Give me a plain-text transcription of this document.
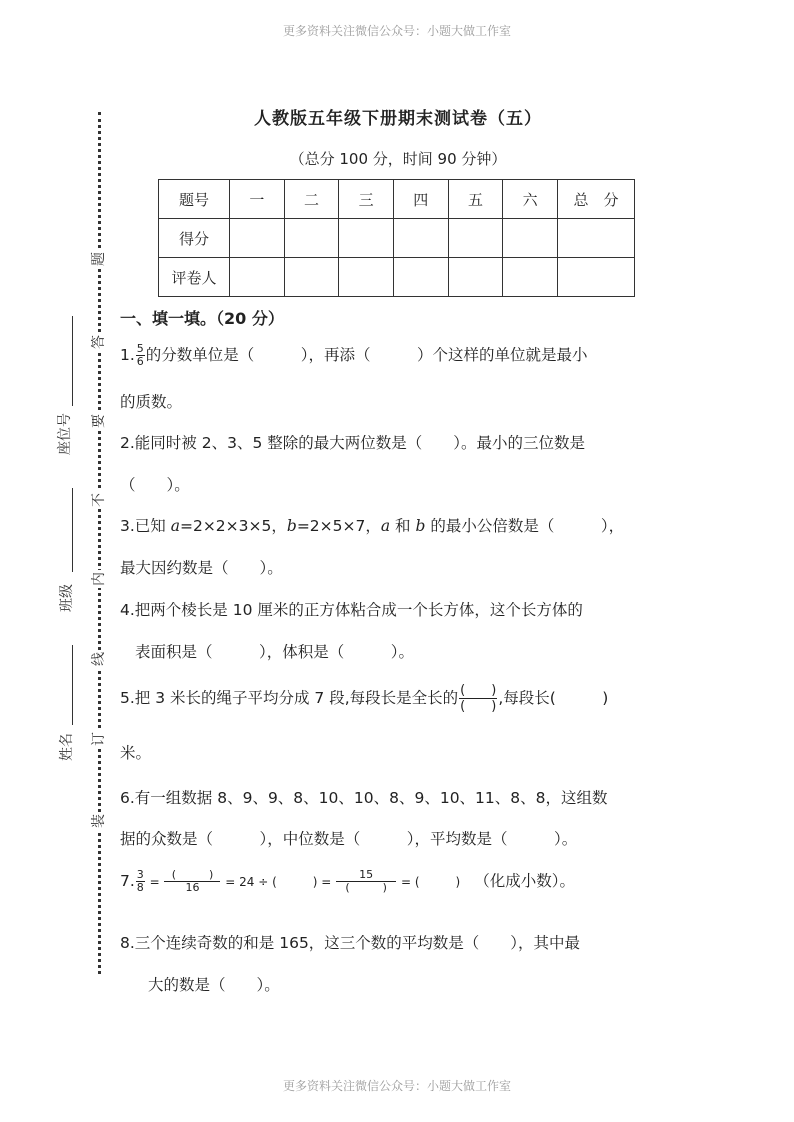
更多资料关注微信公众号：小题大做工作室
题
答
要
不
内
线
订
装
座位号
班级
姓名
人教版五年级下册期末测试卷（五）
（总分 100 分，时间 90 分钟）
题号	一	二	三	四	五	六	总　分
得分							
评卷人							
一、填一填。（20 分）
1. $\frac{5}{6}$ 的分数单位是（　　　），再添（　　　）个这样的单位就是最小
的质数。
2.能同时被 2、3、5 整除的最大两位数是（　　）。最小的三位数是
（　　）。
3.已知 a=2×2×3×5，b=2×5×7，a 和 b 的最小公倍数是（　　　），
最大因约数是（　　）。
4.把两个棱长是 10 厘米的正方体粘合成一个长方体，这个长方体的
表面积是（　　　），体积是（　　　）。
5.把 3 米长的绳子平均分成 7 段,每段长是全长的 $\frac{( )}{( )}$ ,每段长(　　　)
米。
6.有一组数据 8、9、9、8、10、10、8、9、10、11、8、8，这组数
据的众数是（　　　），中位数是（　　　），平均数是（　　　）。
7. $\frac{3}{8} = \frac{( )}{16} = 24$ ÷ (　　　) = $\frac{15}{( )}$ = (　　　) （化成小数）。
8.三个连续奇数的和是 165，这三个数的平均数是（　　），其中最
大的数是（　　）。
更多资料关注微信公众号：小题大做工作室
